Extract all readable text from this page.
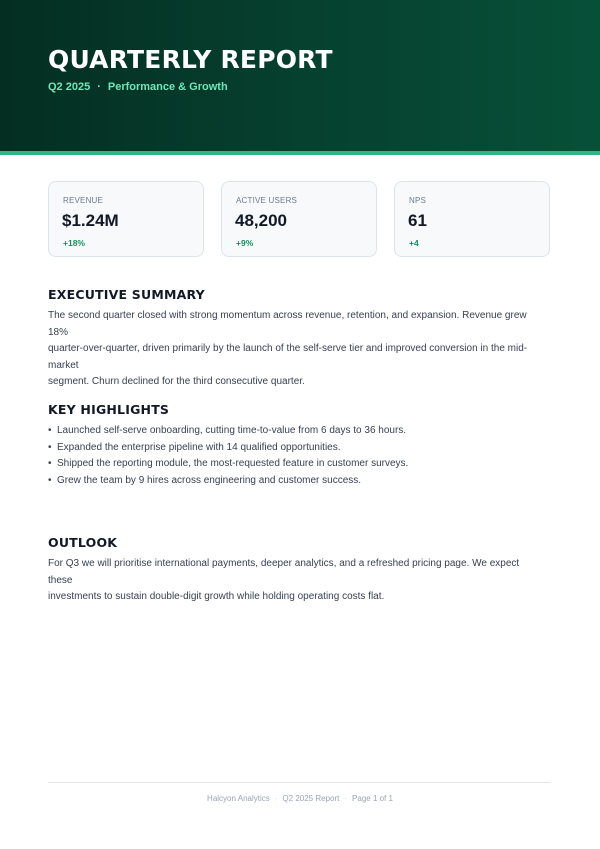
QUARTERLY REPORT
Q2 2025 · Performance & Growth
REVENUE
$1.24M
+18%
ACTIVE USERS
48,200
+9%
NPS
61
+4
EXECUTIVE SUMMARY
The second quarter closed with strong momentum across revenue, retention, and expansion. Revenue grew 18%
quarter-over-quarter, driven primarily by the launch of the self-serve tier and improved conversion in the mid-market
segment. Churn declined for the third consecutive quarter.
KEY HIGHLIGHTS
• Launched self-serve onboarding, cutting time-to-value from 6 days to 36 hours.
• Expanded the enterprise pipeline with 14 qualified opportunities.
• Shipped the reporting module, the most-requested feature in customer surveys.
• Grew the team by 9 hires across engineering and customer success.
OUTLOOK
For Q3 we will prioritise international payments, deeper analytics, and a refreshed pricing page. We expect these
investments to sustain double-digit growth while holding operating costs flat.
Halcyon Analytics · Q2 2025 Report · Page 1 of 1
